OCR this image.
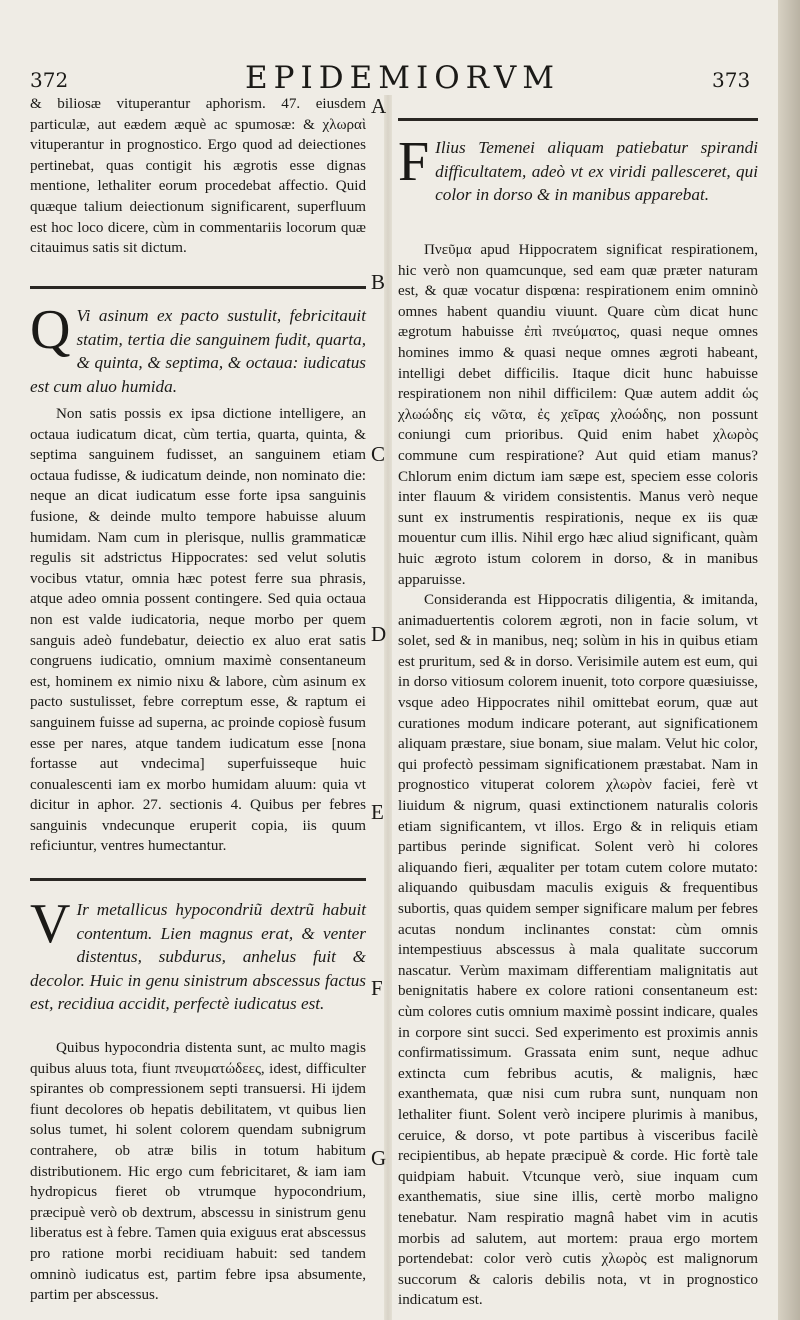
372	EPIDEMIORVM	373

& biliosæ vituperantur aphorism. 47. eiusdem particulæ, aut eædem æquè ac spumosæ: & χλωραὶ vituperantur in prognostico. Ergo quod ad deiectiones pertinebat, quas contigit his ægrotis esse dignas mentione, lethaliter eorum procedebat affectio. Quid quæque talium deiectionum significarent, superfluum est hoc loco dicere, cùm in commentariis locorum quæ citauimus satis sit dictum.

Q Vi asinum ex pacto sustulit, febricitauit statim, tertia die sanguinem fudit, quarta, & quinta, & septima, & octaua: iudicatus est cum aluo humida.

Non satis possis ex ipsa dictione intelligere, an octaua iudicatum dicat, cùm tertia, quarta, quinta, & septima sanguinem fudisset, an sanguinem etiam octaua fudisse, & iudicatum deinde, non nominato die: neque an dicat iudicatum esse forte ipsa sanguinis fusione, & deinde multo tempore habuisse aluum humidam. Nam cum in plerisque, nullis grammaticæ regulis sit adstrictus Hippocrates: sed velut solutis vocibus vtatur, omnia hæc potest ferre sua phrasis, atque adeo omnia possent contingere. Sed quia octaua non est valde iudicatoria, neque morbo per quem sanguis adeò fundebatur, deiectio ex aluo erat satis congruens iudicatio, omnium maximè consentaneum est, hominem ex nimio nixu & labore, cùm asinum ex pacto sustulisset, febre correptum esse, & raptum ei sanguinem fuisse ad superna, ac proinde copiosè fusum esse per nares, atque tandem iudicatum esse [nona fortasse aut vndecima] superfuisseque huic conualescenti iam ex morbo humidam aluum: quia vt dicitur in aphor. 27. sectionis 4. Quibus per febres sanguinis vndecunque eruperit copia, iis quum reficiuntur, ventres humectantur.

V Ir metallicus hypocondriũ dextrũ habuit contentum. Lien magnus erat, & venter distentus, subdurus, anhelus fuit & decolor. Huic in genu sinistrum abscessus factus est, recidiua accidit, perfectè iudicatus est.

Quibus hypocondria distenta sunt, ac multo magis quibus aluus tota, fiunt πνευματώδεες, idest, difficulter spirantes ob compressionem septi transuersi. Hi ijdem fiunt decolores ob hepatis debilitatem, vt quibus lien solus tumet, hi solent colorem quendam subnigrum contrahere, ob atræ bilis in totum habitum distributionem. Hic ergo cum febricitaret, & iam iam hydropicus fieret ob vtrumque hypocondrium, præcipuè verò ob dextrum, abscessu in sinistrum genu liberatus est à febre. Tamen quia exiguus erat abscessus pro ratione morbi recidiuam habuit: sed tandem omninò iudicatus est, partim febre ipsa absumente, partim per abscessus.

A
B
C
D
E
F
G

F Ilius Temenei aliquam patiebatur spirandi difficultatem, adeò vt ex viridi pallesceret, qui color in dorso & in manibus apparebat.

Πνεῦμα apud Hippocratem significat respirationem, hic verò non quamcunque, sed eam quæ præter naturam est, & quæ vocatur dispœna: respirationem enim omninò omnes habent quandiu viuunt. Quare cùm dicat hunc ægrotum habuisse ἐπὶ πνεύματος, quasi neque omnes homines immo & quasi neque omnes ægroti habeant, intelligi debet difficilis. Itaque dicit hunc habuisse respirationem non nihil difficilem: Quæ autem addit ὡς χλωώδης εἰς νῶτα, ἐς χεῖρας χλοώδης, non possunt coniungi cum prioribus. Quid enim habet χλωρὸς commune cum respiratione? Aut quid etiam manus? Chlorum enim dictum iam sæpe est, speciem esse coloris inter flauum & viridem consistentis. Manus verò neque sunt ex instrumentis respirationis, neque ex iis quæ mouentur cum illis. Nihil ergo hæc aliud significant, quàm huic ægroto istum colorem in dorso, & in manibus apparuisse.

Consideranda est Hippocratis diligentia, & imitanda, animaduertentis colorem ægroti, non in facie solum, vt solet, sed & in manibus, neq; solùm in his in quibus etiam est pruritum, sed & in dorso. Verisimile autem est eum, qui in dorso vitiosum colorem inuenit, toto corpore quæsiuisse, vsque adeo Hippocrates nihil omittebat eorum, quæ aut curationes modum indicare poterant, aut significationem aliquam præstare, siue bonam, siue malam. Velut hic color, qui profectò pessimam significationem præstabat. Nam in prognostico vituperat colorem χλωρὸν faciei, ferè vt liuidum & nigrum, quasi extinctionem naturalis coloris etiam significantem, vt illos. Ergo & in reliquis etiam partibus perinde significat. Solent verò hi colores aliquando fieri, æqualiter per totam cutem colore mutato: aliquando quibusdam maculis exiguis & frequentibus subortis, quas quidem semper significare malum per febres acutas nondum inclinantes constat: cùm omnis intempestiuus abscessus à mala qualitate succorum nascatur. Verùm maximam differentiam malignitatis aut benignitatis habere ex colore rationi consentaneum est: cùm colores cutis omnium maximè possint indicare, quales in corpore sint succi. Sed experimento est proximis annis confirmatissimum. Grassata enim sunt, neque adhuc extincta cum febribus acutis, & malignis, hæc exanthemata, quæ nisi cum rubra sunt, nunquam non lethaliter fiunt. Solent verò incipere plurimis à manibus, ceruice, & dorso, vt pote partibus à visceribus facilè recipientibus, ab hepate præcipuè & corde. Hic fortè tale quidpiam habuit. Vtcunque verò, siue inquam cum exanthematis, siue sine illis, certè morbo maligno tenebatur. Nam respiratio magnâ habet vim in acutis morbis ad salutem, aut mortem: praua ergo mortem portendebat: color verò cutis χλωρὸς est malignorum succorum & caloris debilis nota, vt in prognostico indicatum est.
